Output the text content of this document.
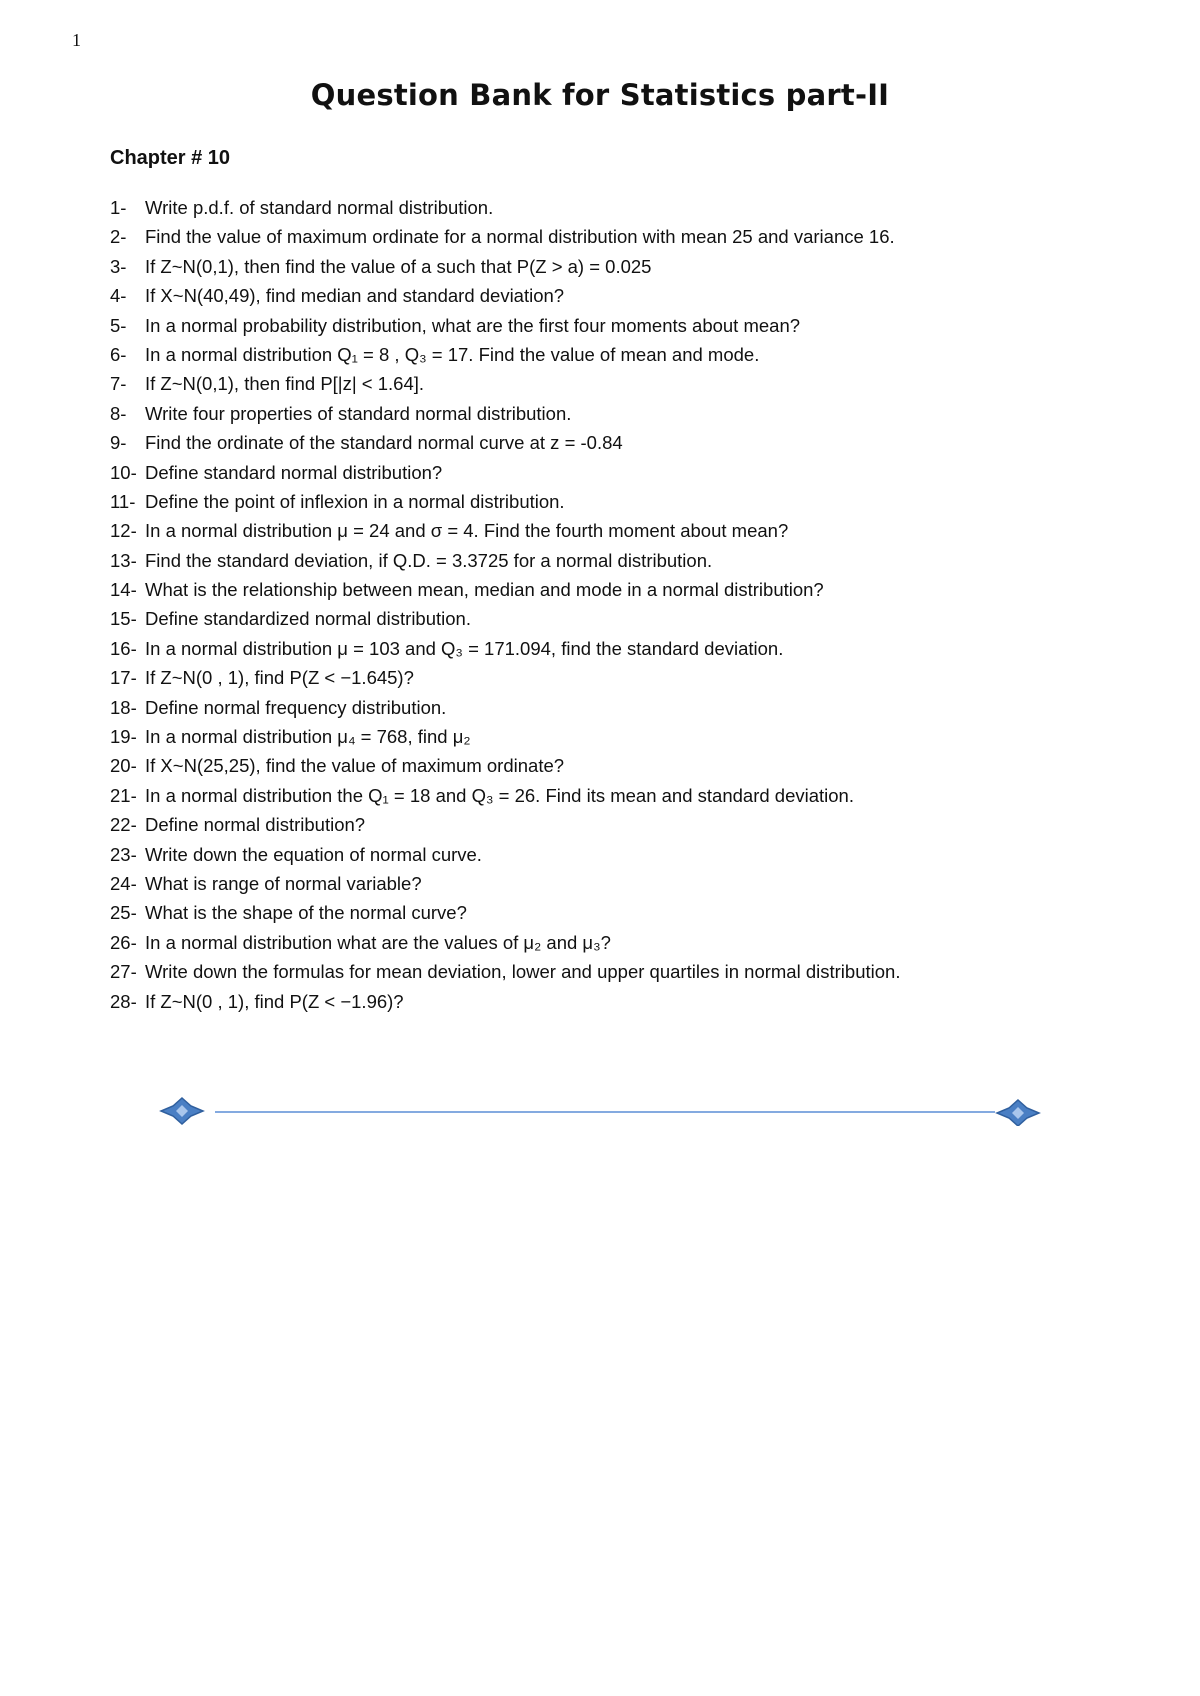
1
Question Bank for Statistics part-II
Chapter # 10
1-	Write p.d.f. of standard normal distribution.
2-	Find the value of maximum ordinate for a normal distribution with mean 25 and variance 16.
3-	If Z~N(0,1), then find the value of a such that P(Z > a) = 0.025
4-	If X~N(40,49), find median and standard deviation?
5-	In a normal probability distribution, what are the first four moments about mean?
6-	In a normal distribution Q₁ = 8 , Q₃ = 17. Find the value of mean and mode.
7-	If Z~N(0,1), then find P[|z| < 1.64].
8-	Write four properties of standard normal distribution.
9-	Find the ordinate of the standard normal curve at z = -0.84
10- Define standard normal distribution?
11- Define the point of inflexion in a normal distribution.
12- In a normal distribution μ = 24 and σ = 4. Find the fourth moment about mean?
13- Find the standard deviation, if Q.D. = 3.3725 for a normal distribution.
14- What is the relationship between mean, median and mode in a normal distribution?
15- Define standardized normal distribution.
16- In a normal distribution μ = 103 and Q₃ = 171.094, find the standard deviation.
17- If Z~N(0 , 1), find P(Z < −1.645)?
18- Define normal frequency distribution.
19- In a normal distribution μ₄ = 768, find μ₂
20- If X~N(25,25), find the value of maximum ordinate?
21- In a normal distribution the Q₁ = 18 and Q₃ = 26. Find its mean and standard deviation.
22- Define normal distribution?
23- Write down the equation of normal curve.
24- What is range of normal variable?
25- What is the shape of the normal curve?
26- In a normal distribution what are the values of μ₂ and μ₃?
27- Write down the formulas for mean deviation, lower and upper quartiles in normal distribution.
28- If Z~N(0 , 1), find P(Z < −1.96)?
